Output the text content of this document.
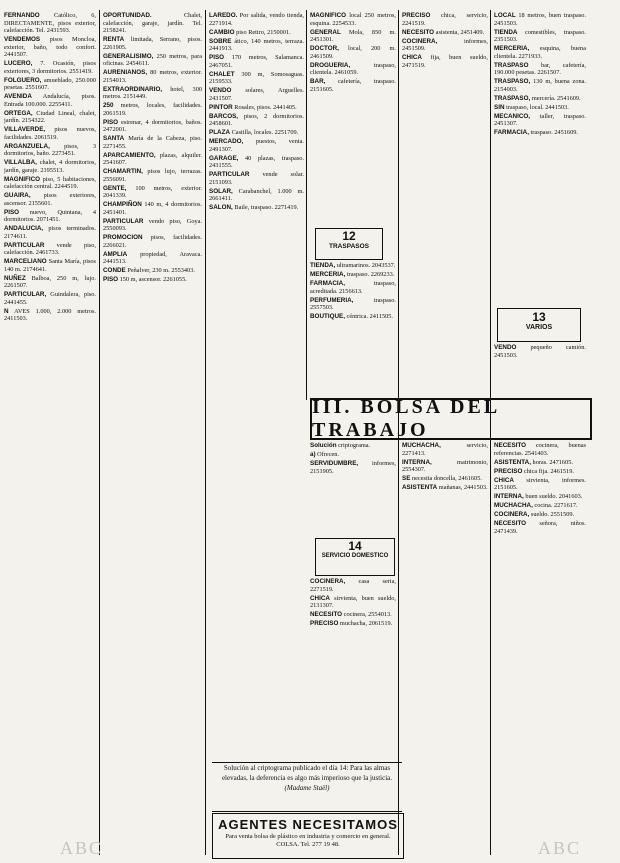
FERNANDO Católico, 6, DIRECTAMENTE, pisos exterior, calefacción. Tel. 2431593.

VENDEMOS pisos Moncloa, exterior, baño, todo confort. 2441507.

LUCERO, 7. Ocasión, pisos exteriores, 3 dormitorios. 2551419.

FOLGUERO, amueblado, 250.000 pesetas. 2551607.

AVENIDA Andalucía, pisos. Entrada 100.000. 2255411.

ORTEGA, Ciudad Lineal, chalet, jardín. 2154322.

VILLAVERDE, pisos nuevos, facilidades. 2061519.

ARGANZUELA, pisos, 3 dormitorios, baño. 2273451.

VILLALBA, chalet, 4 dormitorios, jardín, garaje. 2195513.

MAGNIFICO piso, 5 habitaciones, calefacción central. 2244519.

GUAIRA, pisos exteriores, ascensor. 2155601.

PISO nuevo, Quintana, 4 dormitorios. 2071451.

ANDALUCIA, pisos terminados. 2174611.

PARTICULAR vende piso, calefacción. 2461733.

MARCELIANO Santa María, pisos 140 m. 2174641.

NUÑEZ Balboa, 250 m, lujo. 2261507.

PARTICULAR, Guindalera, piso. 2441455.

N AVES 1.000, 2.000 metros. 2411503.

OPORTUNIDAD. Chalet, calefacción, garaje, jardín. Tel. 2158241.

RENTA limitada, Serrano, pisos. 2261905.

GENERALISIMO, 250 metros, para oficinas. 2454611.

AURENIANOS, 80 metros, exterior. 2154013.

EXTRAORDINARIO, hotel, 300 metros. 2151449.

250 metros, locales, facilidades. 2061519.

PISO estrenar, 4 dormitorios, baños. 2472001.

SANTA María de la Cabeza, piso. 2271455.

APARCAMIENTO, plazas, alquiler. 2541607.

CHAMARTIN, pisos lujo, terrazas. 2556091.

GENTE, 100 metros, exterior. 2041339.

CHAMPIÑON 140 m, 4 dormitorios. 2451401.

PARTICULAR vendo piso, Goya. 2550093.

PROMOCION pisos, facilidades. 2266021.

AMPLIA propiedad, Aravaca. 2441513.

CONDE Peñalver, 230 m. 2553403.

PISO 150 m, ascensor. 2261055.

LAREDO. Por salida, vendo tienda, 2271914.

CAMBIO piso Retiro, 2150001.

SOBRE ático, 140 metros, terraza. 2441913.

PISO 170 metros, Salamanca. 2467051.

CHALET 300 m, Somosaguas. 2159533.

VENDO solares, Arguelles. 2431507.

PINTOR Rosales, pisos. 2441405.

BARCOS, pisos, 2 dormitorios. 2458601.

PLAZA Castilla, locales. 2251709.

MERCADO, puestos, venta. 2491307.

GARAGE, 40 plazas, traspaso. 2431555.

PARTICULAR vende solar. 2151093.

SOLAR, Carabanchel, 1.000 m. 2661411.

SALON, Baile, traspaso. 2271419.

MAGNIFICO local 250 metros, esquina. 2254533.

GENERAL Mola, 850 m. 2451301.

DOCTOR, local, 200 m. 2461509.

DROGUERIA, traspaso, clientela. 2461059.

BAR, cafetería, traspaso. 2151605.

TIENDA, ultramarinos. 2043537.

MERCERIA, traspaso. 2269233.

FARMACIA, traspaso, acreditada. 2156613.

PERFUMERIA, traspaso. 2557503.

BOUTIQUE, céntrica. 2411505.

Solución criptograma.

a) Ofrecen.

SERVIDUMBRE, informes, 2151905.

COCINERA, casa seria, 2271519.

CHICA sirvienta, buen sueldo, 2131307.

NECESITO cocinera, 2554013.

PRECISO muchacha, 2061519.

PRECISO chica, servicio, 2241519.

NECESITO asistenta, 2451409.

COCINERA, informes, 2451509.

CHICA fija, buen sueldo, 2471519.

MUCHACHA, servicio, 2271413.

INTERNA, matrimonio, 2554307.

SE necesita doncella, 2461605.

ASISTENTA mañanas, 2441503.

LOCAL 18 metros, buen traspaso. 2451503.

TIENDA comestibles, traspaso. 2351503.

MERCERIA, esquina, buena clientela. 2271933.

TRASPASO bar, cafetería, 190.000 pesetas. 2261507.

TRASPASO, 130 m, buena zona. 2154003.

TRASPASO, mercería. 2541609.

SIN traspaso, local. 2441503.

MECANICO, taller, traspaso. 2451307.

FARMACIA, traspaso. 2451609.

VENDO pequeño camión. 2451503.

NECESITO cocinera, buenas referencias. 2541403.

ASISTENTA, horas. 2471605.

PRECISO chica fija. 2461519.

CHICA sirvienta, informes. 2151605.

INTERNA, buen sueldo. 2041603.

MUCHACHA, cocina. 2271617.

COCINERA, sueldo. 2551509.

NECESITO señora, niños. 2471439.

12
TRASPASOS
13
VARIOS
III. BOLSA DEL TRABAJO
14
SERVICIO DOMESTICO
Solución al criptograma publicado el día 14: Para las almas elevadas, la deferencia es algo más imperioso que la justicia. (Madame Staël)
AGENTES NECESITAMOS
Para venta bolsa de plástico en industria y comercio en general. COLSA. Tel. 277 19 48.
ABC	ABC
